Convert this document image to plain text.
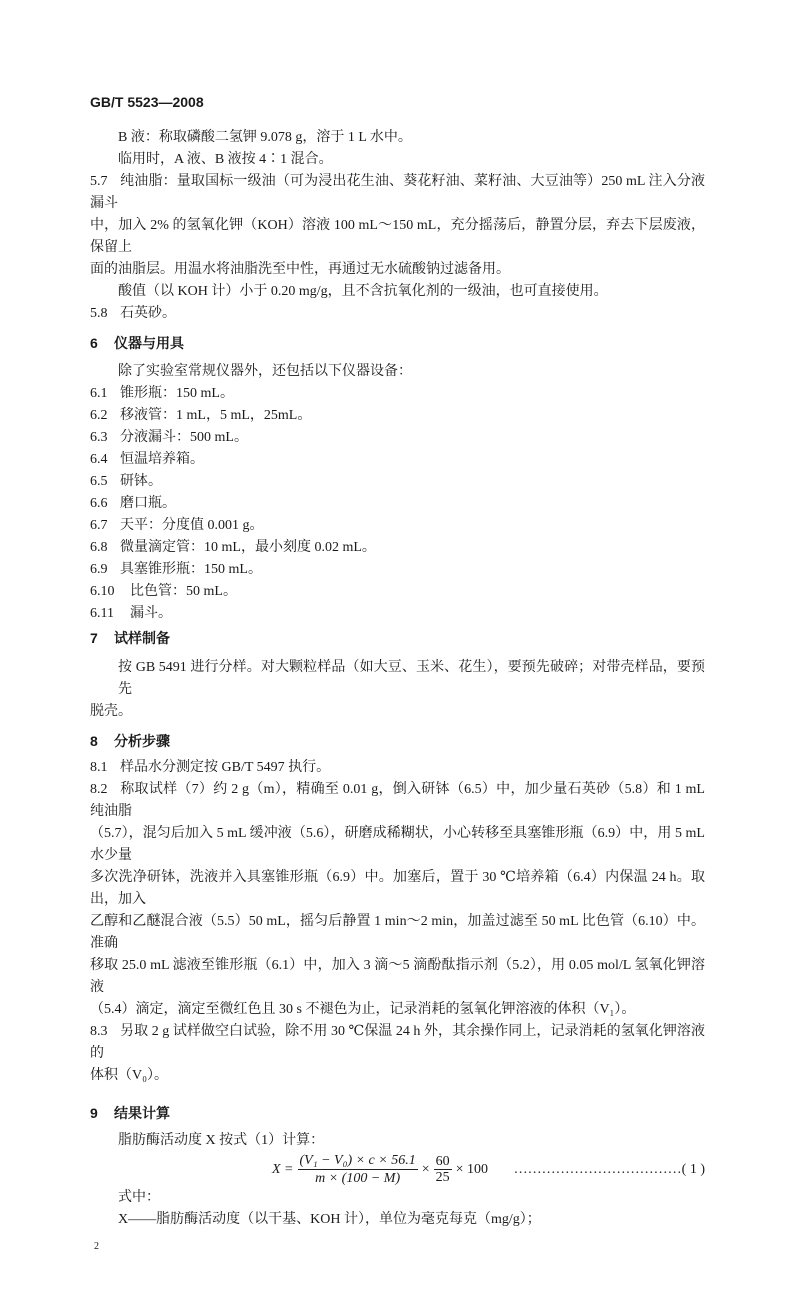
GB/T 5523—2008
B 液：称取磷酸二氢钾 9.078 g，溶于 1 L 水中。
临用时，A 液、B 液按 4∶1 混合。
5.7 纯油脂：量取国标一级油（可为浸出花生油、葵花籽油、菜籽油、大豆油等）250 mL 注入分液漏斗
中，加入 2% 的氢氧化钾（KOH）溶液 100 mL～150 mL，充分摇荡后，静置分层，弃去下层废液，保留上
面的油脂层。用温水将油脂洗至中性，再通过无水硫酸钠过滤备用。
酸值（以 KOH 计）小于 0.20 mg/g，且不含抗氧化剂的一级油，也可直接使用。
5.8 石英砂。
6 仪器与用具
除了实验室常规仪器外，还包括以下仪器设备：
6.1 锥形瓶：150 mL。
6.2 移液管：1 mL，5 mL，25mL。
6.3 分液漏斗：500 mL。
6.4 恒温培养箱。
6.5 研钵。
6.6 磨口瓶。
6.7 天平：分度值 0.001 g。
6.8 微量滴定管：10 mL，最小刻度 0.02 mL。
6.9 具塞锥形瓶：150 mL。
6.10 比色管：50 mL。
6.11 漏斗。
7 试样制备
按 GB 5491 进行分样。对大颗粒样品（如大豆、玉米、花生），要预先破碎；对带壳样品，要预先
脱壳。
8 分析步骤
8.1 样品水分测定按 GB/T 5497 执行。
8.2 称取试样（7）约 2 g（m），精确至 0.01 g，倒入研钵（6.5）中，加少量石英砂（5.8）和 1 mL 纯油脂
（5.7），混匀后加入 5 mL 缓冲液（5.6），研磨成稀糊状，小心转移至具塞锥形瓶（6.9）中，用 5 mL 水少量
多次洗净研钵，洗液并入具塞锥形瓶（6.9）中。加塞后，置于 30 ℃培养箱（6.4）内保温 24 h。取出，加入
乙醇和乙醚混合液（5.5）50 mL，摇匀后静置 1 min～2 min，加盖过滤至 50 mL 比色管（6.10）中。准确
移取 25.0 mL 滤液至锥形瓶（6.1）中，加入 3 滴～5 滴酚酞指示剂（5.2），用 0.05 mol/L 氢氧化钾溶液
（5.4）滴定，滴定至微红色且 30 s 不褪色为止，记录消耗的氢氧化钾溶液的体积（V₁）。
8.3 另取 2 g 试样做空白试验，除不用 30 ℃保温 24 h 外，其余操作同上，记录消耗的氢氧化钾溶液的
体积（V₀）。
9 结果计算
脂肪酶活动度 X 按式（1）计算：
$X = \frac{\text{(V₁ − V₀) × c × 56.1}}{m \times (100 - M)} \times \frac{60}{25} \times 100$ ………………………………( 1 )
式中：
X——脂肪酶活动度（以干基、KOH 计），单位为毫克每克（mg/g）；
2
